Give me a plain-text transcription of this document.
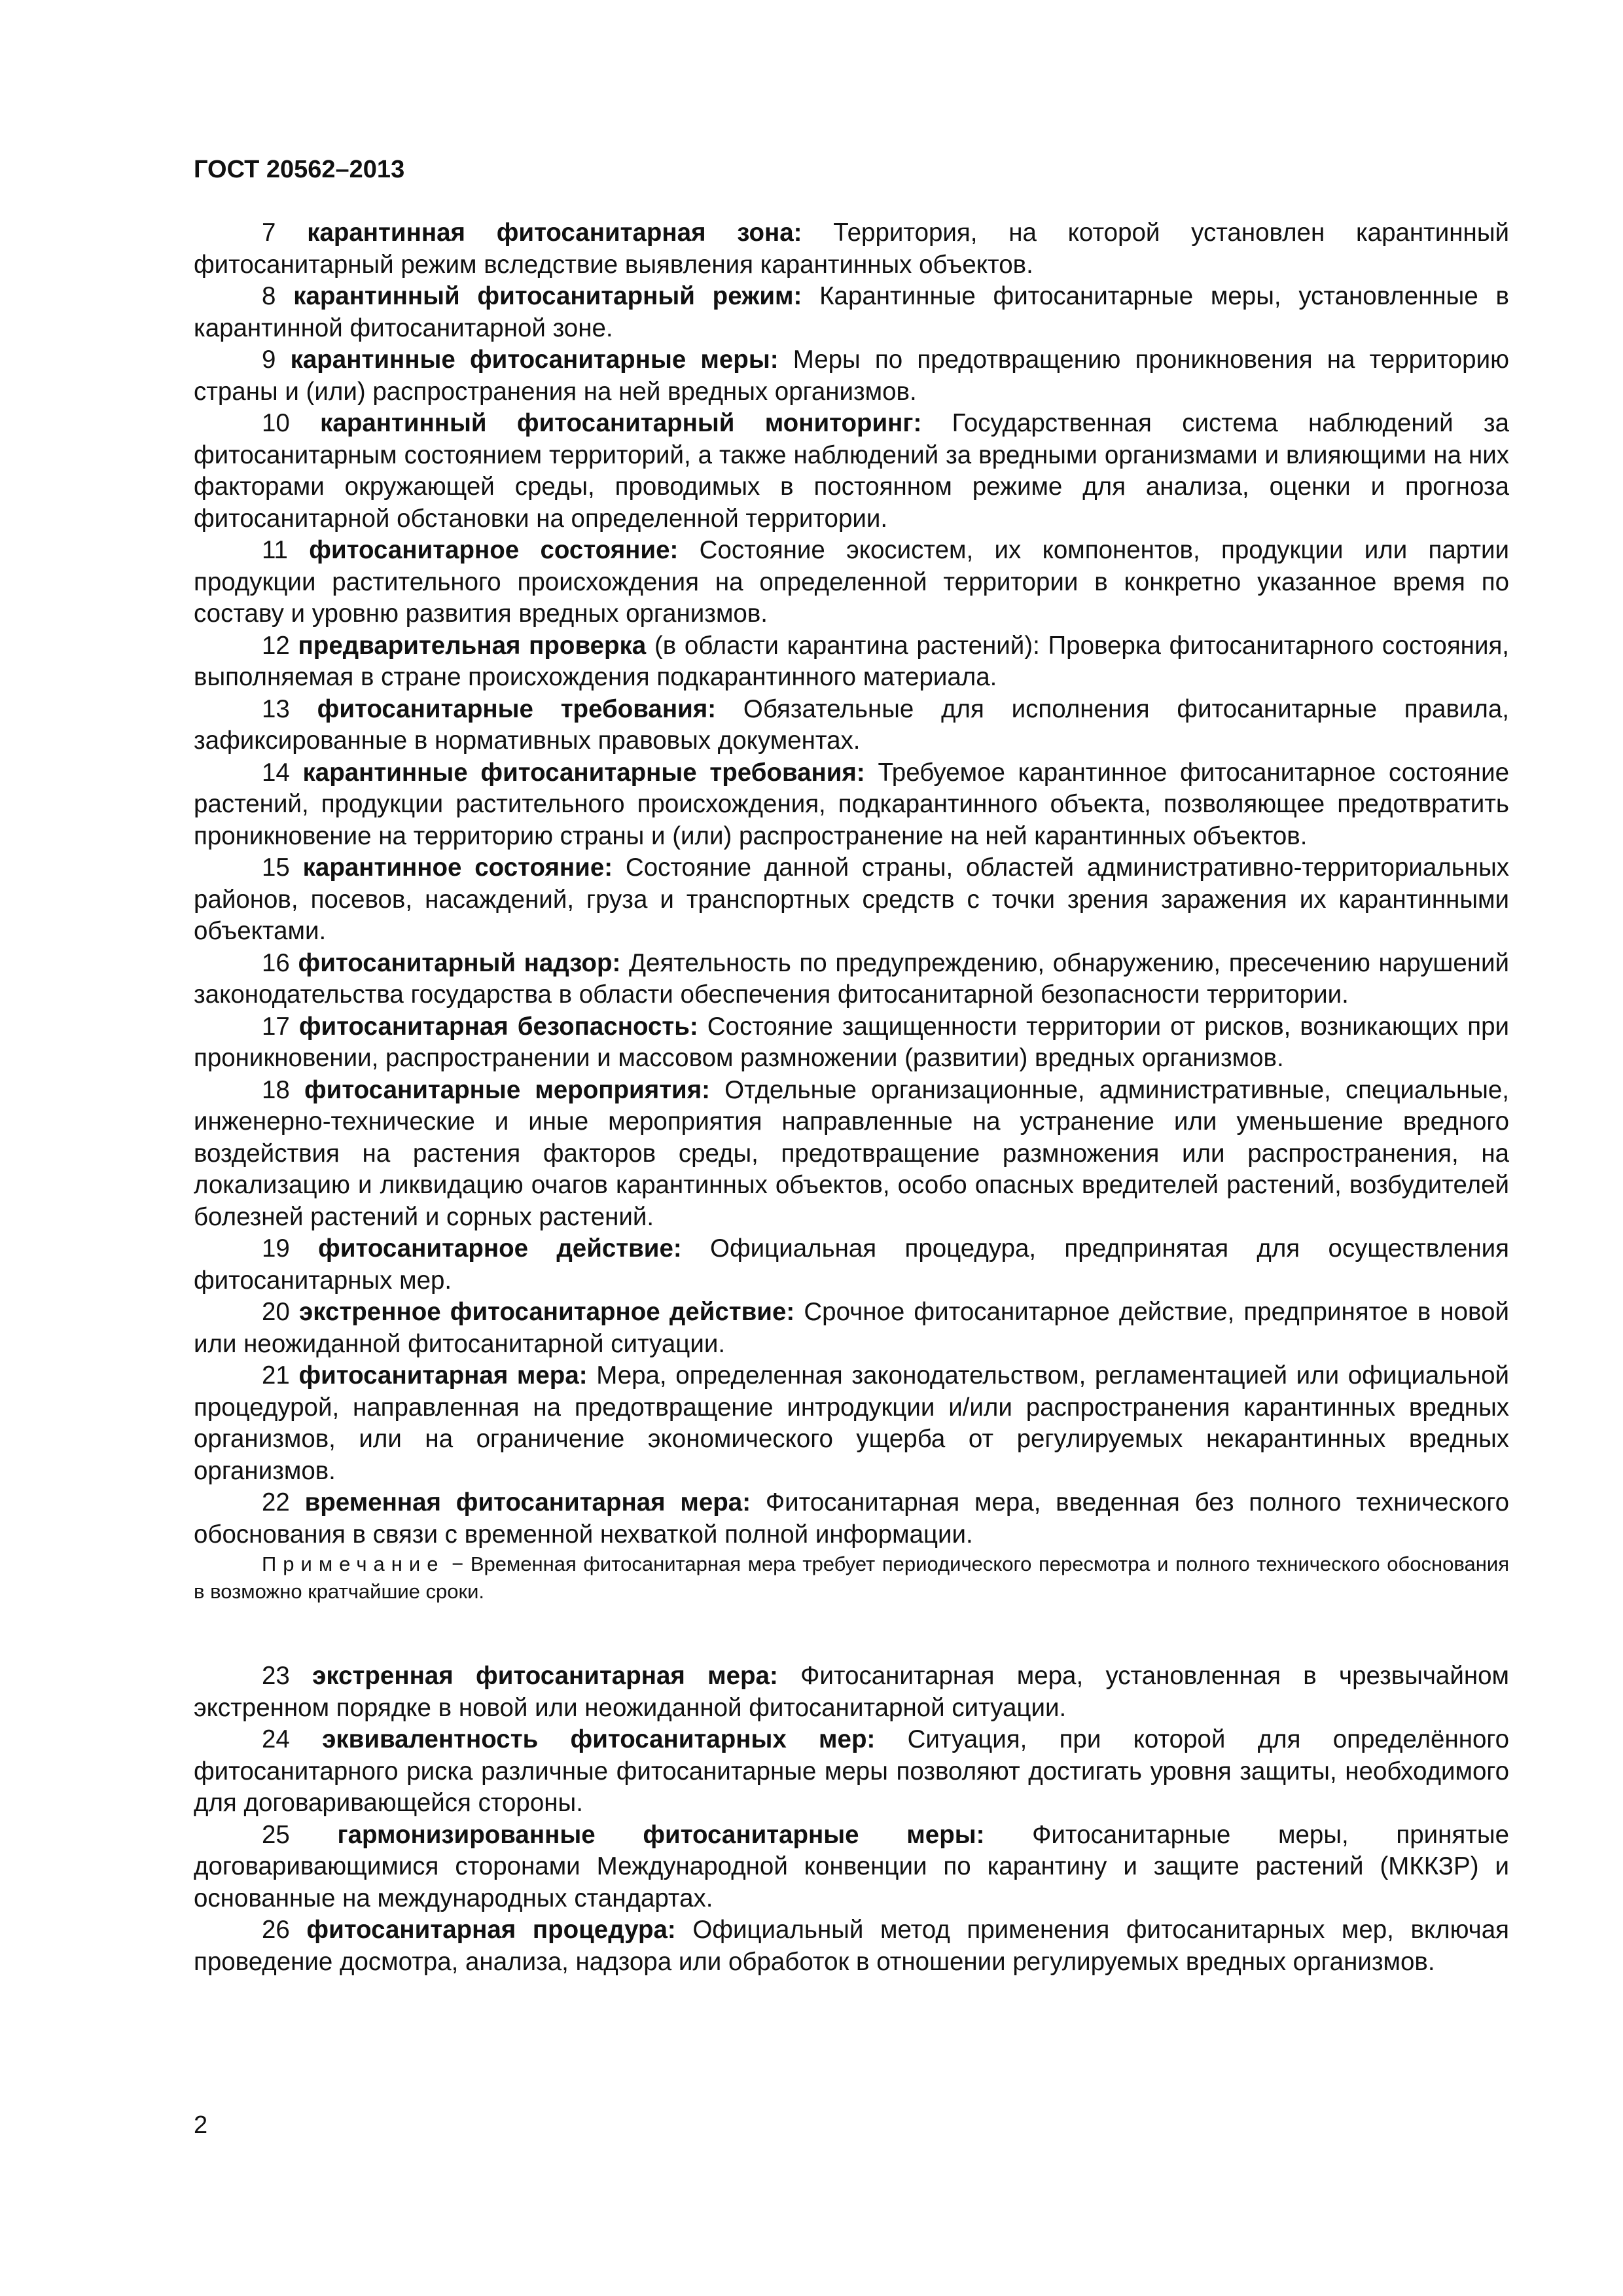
ГОСТ 20562–2013

7 карантинная фитосанитарная зона: Территория, на которой установлен карантинный фитосанитарный режим вследствие выявления карантинных объектов.

8 карантинный фитосанитарный режим: Карантинные фитосанитарные меры, установленные в карантинной фитосанитарной зоне.

9 карантинные фитосанитарные меры: Меры по предотвращению проникновения на территорию страны и (или) распространения на ней вредных организмов.

10 карантинный фитосанитарный мониторинг: Государственная система наблюдений за фитосанитарным состоянием территорий, а также наблюдений за вредными организмами и влияющими на них факторами окружающей среды, проводимых в постоянном режиме для анализа, оценки и прогноза фитосанитарной обстановки на определенной территории.

11 фитосанитарное состояние: Состояние экосистем, их компонентов, продукции или партии продукции растительного происхождения на определенной территории в конкретно указанное время по составу и уровню развития вредных организмов.

12 предварительная проверка (в области карантина растений): Проверка фитосанитарного состояния, выполняемая в стране происхождения подкарантинного материала.

13 фитосанитарные требования: Обязательные для исполнения фитосанитарные правила, зафиксированные в нормативных правовых документах.

14 карантинные фитосанитарные требования: Требуемое карантинное фитосанитарное состояние растений, продукции растительного происхождения, подкарантинного объекта, позволяющее предотвратить проникновение на территорию страны и (или) распространение на ней карантинных объектов.

15 карантинное состояние: Состояние данной страны, областей административно-территориальных районов, посевов, насаждений, груза и транспортных средств с точки зрения заражения их карантинными объектами.

16 фитосанитарный надзор: Деятельность по предупреждению, обнаружению, пресечению нарушений законодательства государства в области обеспечения фитосанитарной безопасности территории.

17 фитосанитарная безопасность: Состояние защищенности территории от рисков, возникающих при проникновении, распространении и массовом размножении (развитии) вредных организмов.

18 фитосанитарные мероприятия: Отдельные организационные, административные, специальные, инженерно-технические и иные мероприятия направленные на устранение или уменьшение вредного воздействия на растения факторов среды, предотвращение размножения или распространения, на локализацию и ликвидацию очагов карантинных объектов, особо опасных вредителей растений, возбудителей болезней растений и сорных растений.

19 фитосанитарное действие: Официальная процедура, предпринятая для осуществления фитосанитарных мер.

20 экстренное фитосанитарное действие: Срочное фитосанитарное действие, предпринятое в новой или неожиданной фитосанитарной ситуации.

21 фитосанитарная мера: Мера, определенная законодательством, регламентацией или официальной процедурой, направленная на предотвращение интродукции и/или распространения карантинных вредных организмов, или на ограничение экономического ущерба от регулируемых некарантинных вредных организмов.

22 временная фитосанитарная мера: Фитосанитарная мера, введенная без полного технического обоснования в связи с временной нехваткой полной информации.

Примечание − Временная фитосанитарная мера требует периодического пересмотра и полного технического обоснования в возможно кратчайшие сроки.

23 экстренная фитосанитарная мера: Фитосанитарная мера, установленная в чрезвычайном экстренном порядке в новой или неожиданной фитосанитарной ситуации.

24 эквивалентность фитосанитарных мер: Ситуация, при которой для определённого фитосанитарного риска различные фитосанитарные меры позволяют достигать уровня защиты, необходимого для договаривающейся стороны.

25 гармонизированные фитосанитарные меры: Фитосанитарные меры, принятые договаривающимися сторонами Международной конвенции по карантину и защите растений (МККЗР) и основанные на международных стандартах.

26 фитосанитарная процедура: Официальный метод применения фитосанитарных мер, включая проведение досмотра, анализа, надзора или обработок в отношении регулируемых вредных организмов.

2
